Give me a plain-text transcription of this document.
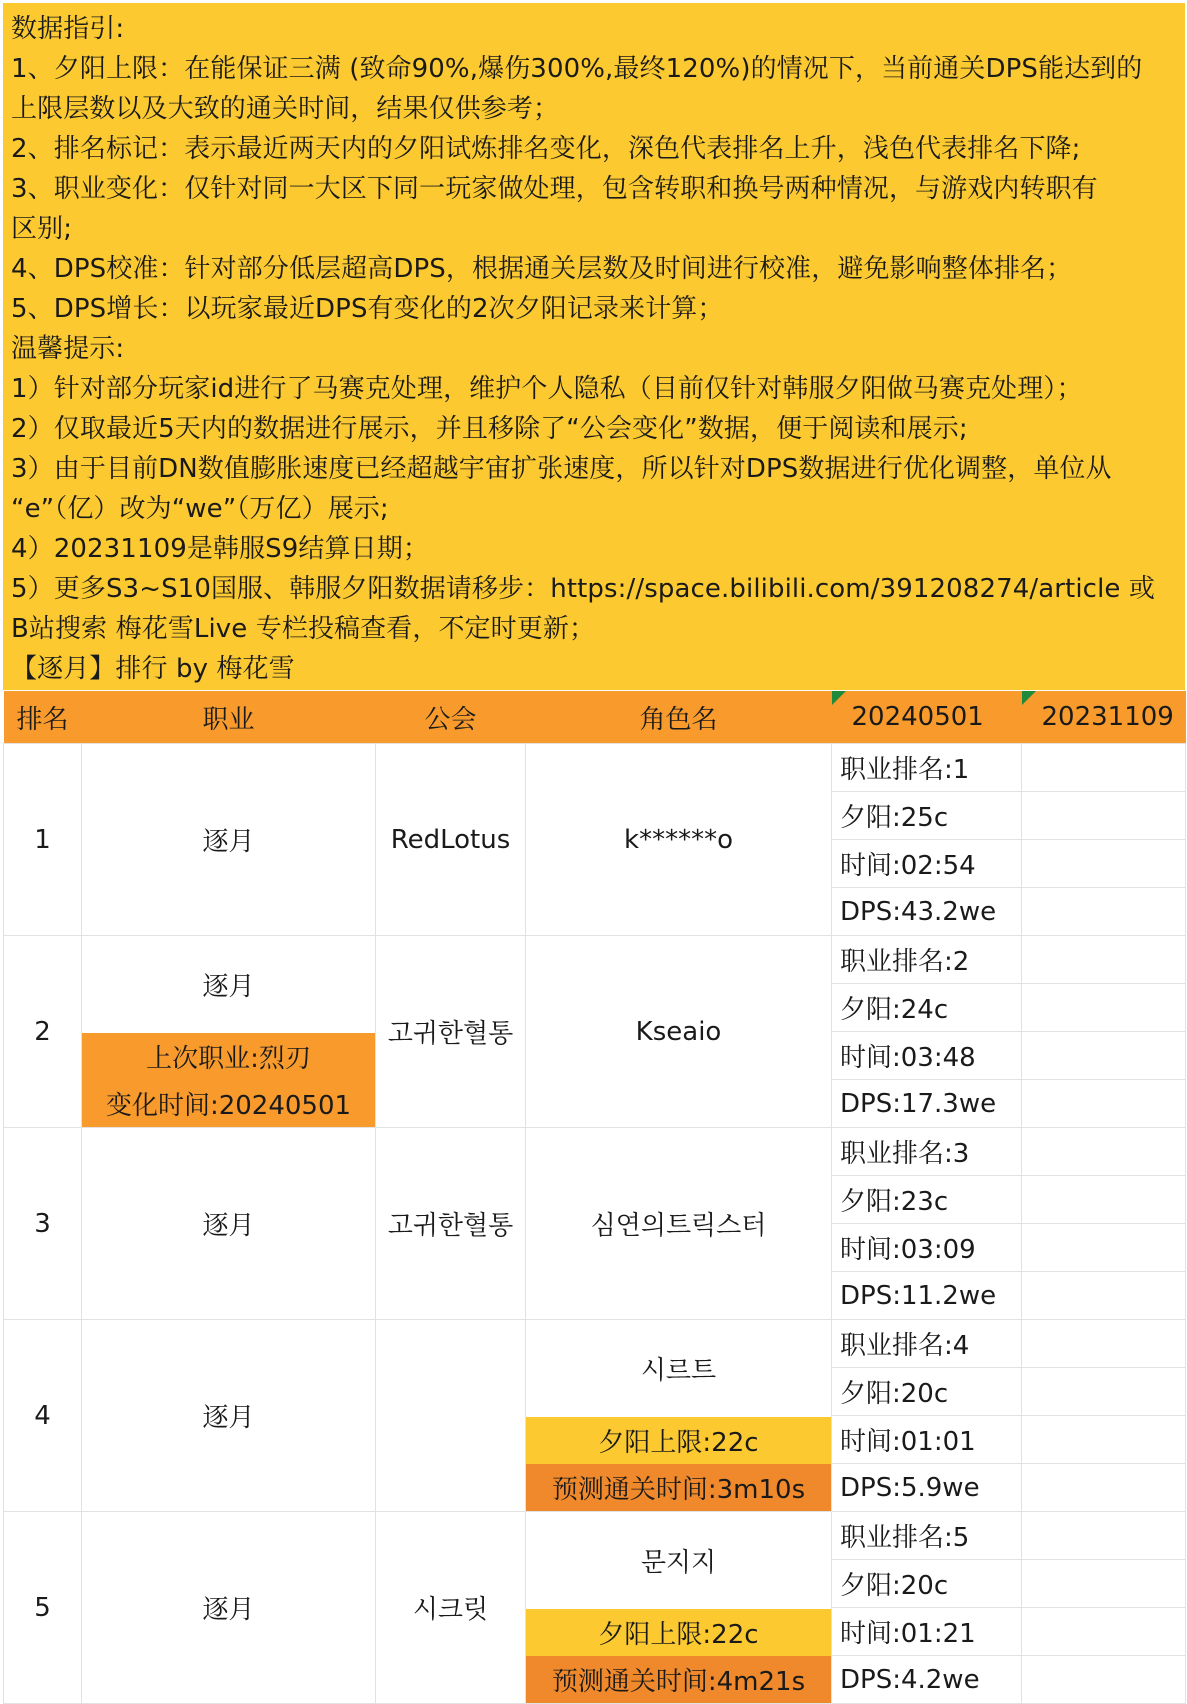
数据指引:
1、夕阳上限：在能保证三满 (致命90%,爆伤300%,最终120%)的情况下，当前通关DPS能达到的
上限层数以及大致的通关时间，结果仅供参考；
2、排名标记：表示最近两天内的夕阳试炼排名变化，深色代表排名上升，浅色代表排名下降;
3、职业变化：仅针对同一大区下同一玩家做处理，包含转职和换号两种情况，与游戏内转职有
区别;
4、DPS校准：针对部分低层超高DPS，根据通关层数及时间进行校准，避免影响整体排名；
5、DPS增长：以玩家最近DPS有变化的2次夕阳记录来计算；
温馨提示:
1）针对部分玩家id进行了马赛克处理，维护个人隐私（目前仅针对韩服夕阳做马赛克处理）；
2）仅取最近5天内的数据进行展示，并且移除了“公会变化”数据，便于阅读和展示;
3）由于目前DN数值膨胀速度已经超越宇宙扩张速度，所以针对DPS数据进行优化调整，单位从
“e”（亿）改为“we”（万亿）展示;
4）20231109是韩服S9结算日期；
5）更多S3~S10国服、韩服夕阳数据请移步：https://space.bilibili.com/391208274/article 或
B站搜索 梅花雪Live 专栏投稿查看，不定时更新；
【逐月】排行 by 梅花雪
排名	职业	公会	角色名	20240501	20231109
1	逐月	RedLotus	k******o	职业排名:1	
				夕阳:25c	
				时间:02:54	
				DPS:43.2we	
2	逐月
上次职业:烈刃
变化时间:20240501	고귀한혈통	Kseaio	职业排名:2	
				夕阳:24c	
				时间:03:48	
				DPS:17.3we	
3	逐月	고귀한혈통	심연의트릭스터	职业排名:3	
				夕阳:23c	
				时间:03:09	
				DPS:11.2we	
4	逐月		시르트
夕阳上限:22c
预测通关时间:3m10s	职业排名:4	
				夕阳:20c	
				时间:01:01	
				DPS:5.9we	
5	逐月	시크릿	문지지
夕阳上限:22c
预测通关时间:4m21s	职业排名:5	
				夕阳:20c	
				时间:01:21	
				DPS:4.2we	
